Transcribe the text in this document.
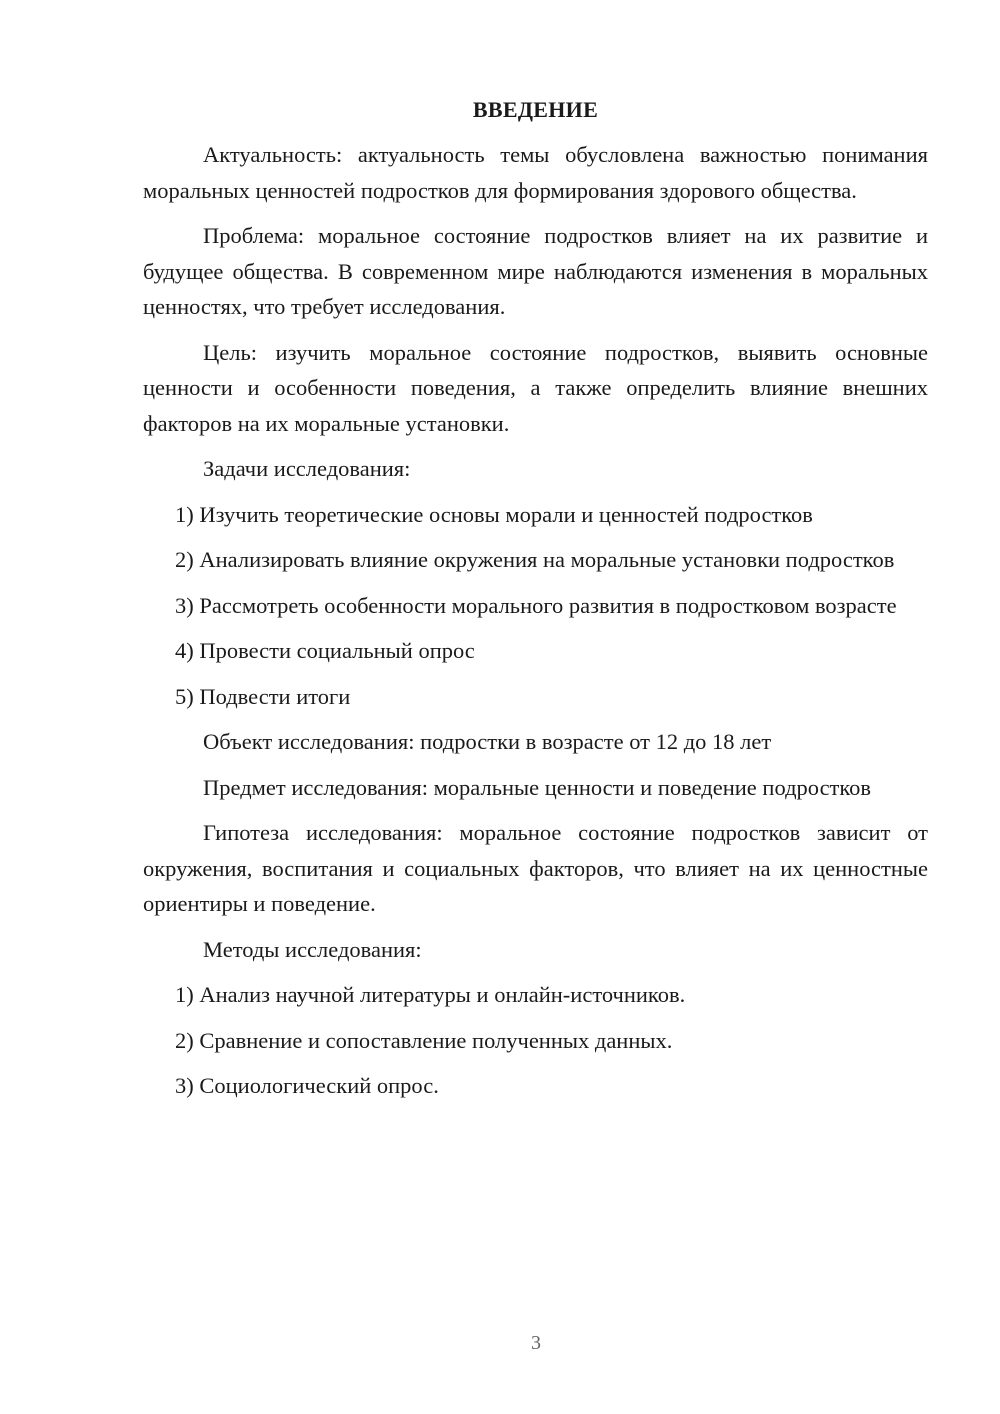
ВВЕДЕНИЕ

Актуальность: актуальность темы обусловлена важностью понимания моральных ценностей подростков для формирования здорового общества.

Проблема: моральное состояние подростков влияет на их развитие и будущее общества. В современном мире наблюдаются изменения в моральных ценностях, что требует исследования.

Цель: изучить моральное состояние подростков, выявить основные ценности и особенности поведения, а также определить влияние внешних факторов на их моральные установки.

Задачи исследования:

1) Изучить теоретические основы морали и ценностей подростков

2) Анализировать влияние окружения на моральные установки подростков

3) Рассмотреть особенности морального развития в подростковом возрасте

4) Провести социальный опрос

5) Подвести итоги

Объект исследования: подростки в возрасте от 12 до 18 лет

Предмет исследования: моральные ценности и поведение подростков

Гипотеза исследования: моральное состояние подростков зависит от окружения, воспитания и социальных факторов, что влияет на их ценностные ориентиры и поведение.

Методы исследования:

1) Анализ научной литературы и онлайн-источников.

2) Сравнение и сопоставление полученных данных.

3) Социологический опрос.

3
